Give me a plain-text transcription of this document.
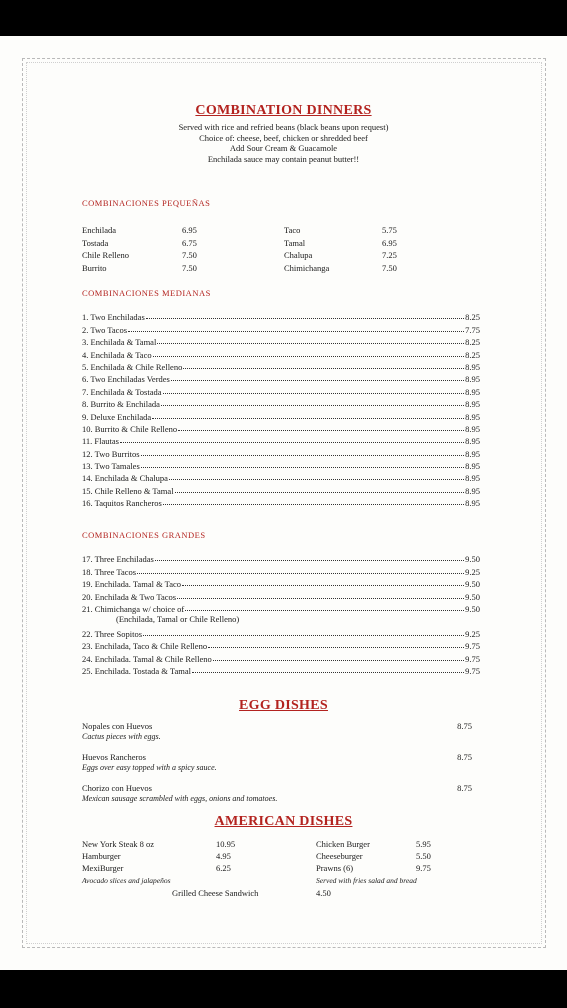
COMBINATION DINNERS
Served with rice and refried beans (black beans upon request)
Choice of: cheese, beef, chicken or shredded beef
Add Sour Cream & Guacamole
Enchilada sauce may contain peanut butter!!
COMBINACIONES PEQUEÑAS
Enchilada	6.95
Tostada	6.75
Chile Relleno	7.50
Burrito	7.50
Taco	5.75
Tamal	6.95
Chalupa	7.25
Chimichanga	7.50
COMBINACIONES MEDIANAS
1. Two Enchiladas	8.25
2. Two Tacos	7.75
3. Enchilada & Tamal	8.25
4. Enchilada & Taco	8.25
5. Enchilada & Chile Relleno	8.95
6. Two Enchiladas Verdes	8.95
7. Enchilada & Tostada	8.95
8. Burrito & Enchilada	8.95
9. Deluxe Enchilada	8.95
10. Burrito & Chile Relleno	8.95
11. Flautas	8.95
12. Two Burritos	8.95
13. Two Tamales	8.95
14. Enchilada & Chalupa	8.95
15. Chile Relleno & Tamal	8.95
16. Taquitos Rancheros	8.95
COMBINACIONES GRANDES
17. Three Enchiladas	9.50
18. Three Tacos	9.25
19. Enchilada. Tamal & Taco	9.50
20. Enchilada & Two Tacos	9.50
21. Chimichanga w/ choice of	9.50
(Enchilada, Tamal or Chile Relleno)
22. Three Sopitos	9.25
23. Enchilada, Taco & Chile Relleno	9.75
24. Enchilada. Tamal & Chile Relleno	9.75
25. Enchilada. Tostada & Tamal	9.75
EGG DISHES
Nopales con Huevos	8.75
Cactus pieces with eggs.
Huevos Rancheros	8.75
Eggs over easy topped with a spicy sauce.
Chorizo con Huevos	8.75
Mexican sausage scrambled with eggs, onions and tomatoes.
AMERICAN DISHES
New York Steak 8 oz	10.95
Hamburger	4.95
MexiBurger	6.25
Avocado slices and jalapeños
Chicken Burger	5.95
Cheeseburger	5.50
Prawns (6)	9.75
Served with fries salad and bread
Grilled Cheese Sandwich	4.50
